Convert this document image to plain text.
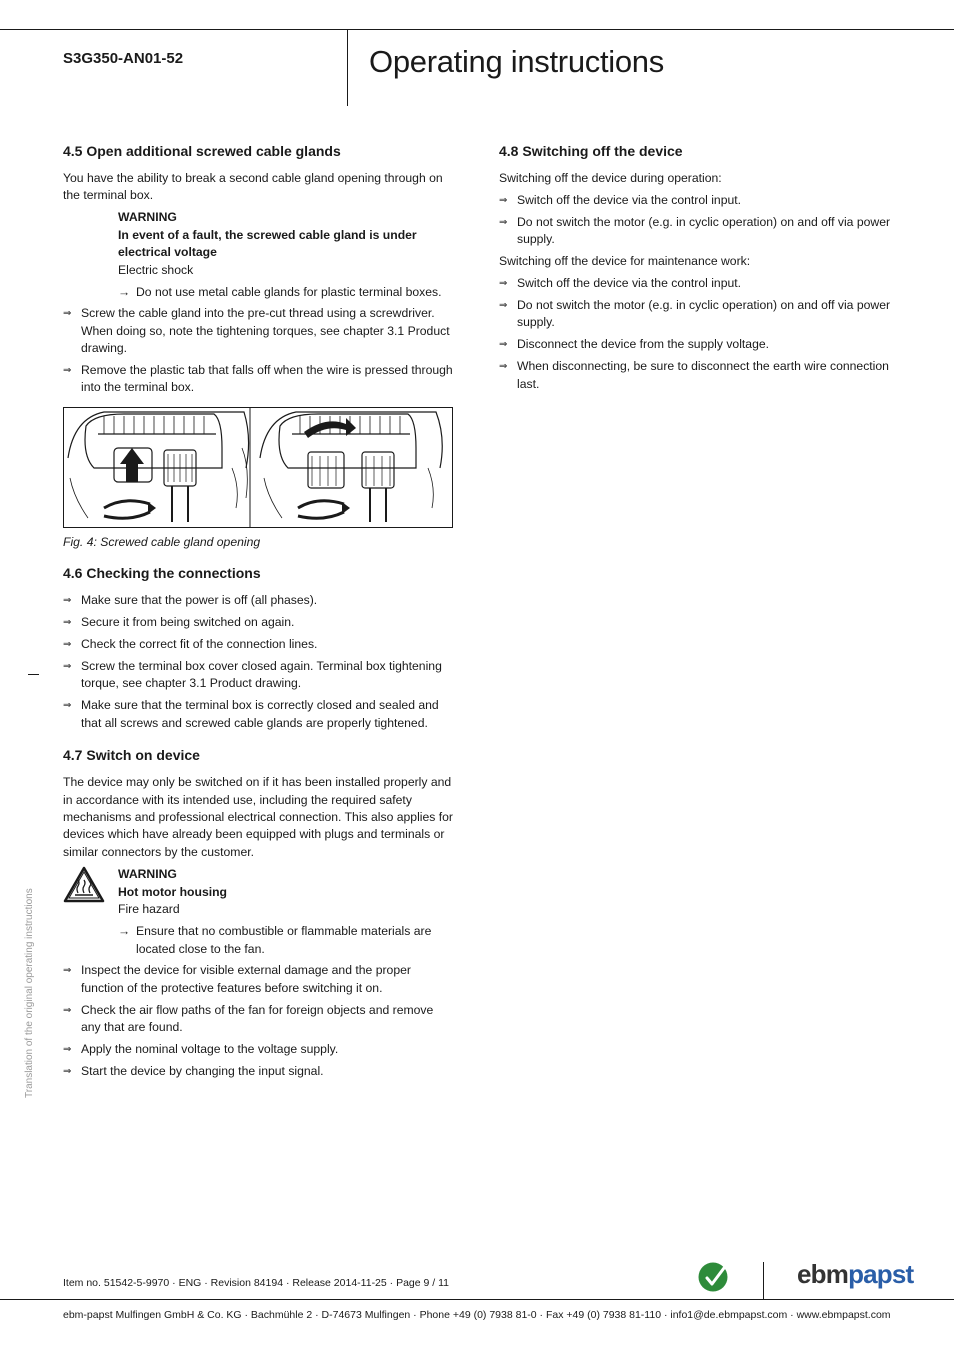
S3G350-AN01-52	Operating instructions
4.5 Open additional screwed cable glands

You have the ability to break a second cable gland opening through on the terminal box.

WARNING
In event of a fault, the screwed cable gland is under electrical voltage
Electric shock
→ Do not use metal cable glands for plastic terminal boxes.
⇒ Screw the cable gland into the pre-cut thread using a screwdriver. When doing so, note the tightening torques, see chapter 3.1 Product drawing.
⇒ Remove the plastic tab that falls off when the wire is pressed through into the terminal box.
Fig. 4: Screwed cable gland opening
4.6 Checking the connections
⇒ Make sure that the power is off (all phases).
⇒ Secure it from being switched on again.
⇒ Check the correct fit of the connection lines.
⇒ Screw the terminal box cover closed again. Terminal box tightening torque, see chapter 3.1 Product drawing.
⇒ Make sure that the terminal box is correctly closed and sealed and that all screws and screwed cable glands are properly tightened.
4.7 Switch on device

The device may only be switched on if it has been installed properly and in accordance with its intended use, including the required safety mechanisms and professional electrical connection. This also applies for devices which have already been equipped with plugs and terminals or similar connectors by the customer.

WARNING
Hot motor housing
Fire hazard
→ Ensure that no combustible or flammable materials are located close to the fan.
⇒ Inspect the device for visible external damage and the proper function of the protective features before switching it on.
⇒ Check the air flow paths of the fan for foreign objects and remove any that are found.
⇒ Apply the nominal voltage to the voltage supply.
⇒ Start the device by changing the input signal.
4.8 Switching off the device

Switching off the device during operation:

⇒ Switch off the device via the control input.
⇒ Do not switch the motor (e.g. in cyclic operation) on and off via power supply.

Switching off the device for maintenance work:

⇒ Switch off the device via the control input.
⇒ Do not switch the motor (e.g. in cyclic operation) on and off via power supply.
⇒ Disconnect the device from the supply voltage.
⇒ When disconnecting, be sure to disconnect the earth wire connection last.
Translation of the original operating instructions
Item no. 51542-5-9970 · ENG · Revision 84194 · Release 2014-11-25 · Page 9 / 11	ebmpapst
ebm-papst Mulfingen GmbH & Co. KG · Bachmühle 2 · D-74673 Mulfingen · Phone +49 (0) 7938 81-0 · Fax +49 (0) 7938 81-110 · info1@de.ebmpapst.com · www.ebmpapst.com
